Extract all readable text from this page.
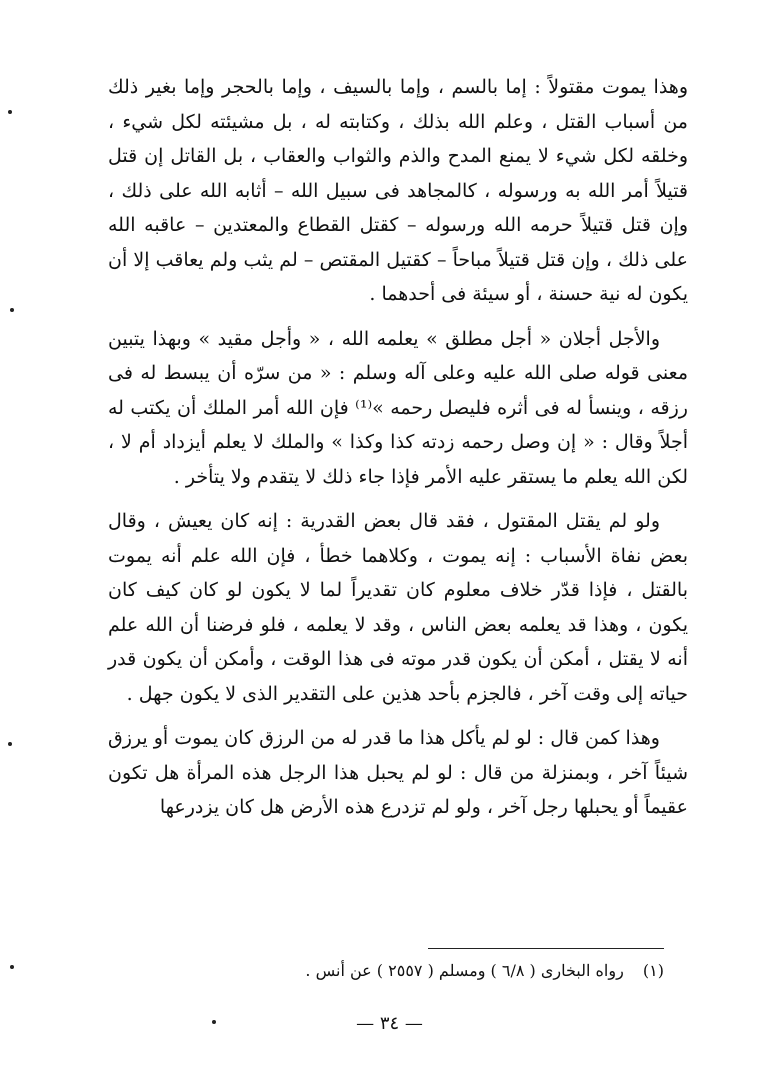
وهذا يموت مقتولاً : إما بالسم ، وإما بالسيف ، وإما بالحجر وإما بغير ذلك من أسباب القتل ، وعلم الله بذلك ، وكتابته له ، بل مشيئته لكل شيء ، وخلقه لكل شيء لا يمنع المدح والذم والثواب والعقاب ، بل القاتل إن قتل قتيلاً أمر الله به ورسوله ، كالمجاهد فى سبيل الله – أثابه الله على ذلك ، وإن قتل قتيلاً حرمه الله ورسوله – كقتل القطاع والمعتدين – عاقبه الله على ذلك ، وإن قتل قتيلاً مباحاً – كقتيل المقتص – لم يثب ولم يعاقب إلا أن يكون له نية حسنة ، أو سيئة فى أحدهما .

والأجل أجلان « أجل مطلق » يعلمه الله ، « وأجل مقيد » وبهذا يتبين معنى قوله صلى الله عليه وعلى آله وسلم : « من سرّه أن يبسط له فى رزقه ، وينسأ له فى أثره فليصل رحمه »⁽¹⁾ فإن الله أمر الملك أن يكتب له أجلاً وقال : « إن وصل رحمه زدته كذا وكذا » والملك لا يعلم أيزداد أم لا ، لكن الله يعلم ما يستقر عليه الأمر فإذا جاء ذلك لا يتقدم ولا يتأخر .

ولو لم يقتل المقتول ، فقد قال بعض القدرية : إنه كان يعيش ، وقال بعض نفاة الأسباب : إنه يموت ، وكلاهما خطأ ، فإن الله علم أنه يموت بالقتل ، فإذا قدّر خلاف معلوم كان تقديراً لما لا يكون لو كان كيف كان يكون ، وهذا قد يعلمه بعض الناس ، وقد لا يعلمه ، فلو فرضنا أن الله علم أنه لا يقتل ، أمكن أن يكون قدر موته فى هذا الوقت ، وأمكن أن يكون قدر حياته إلى وقت آخر ، فالجزم بأحد هذين على التقدير الذى لا يكون جهل .

وهذا كمن قال : لو لم يأكل هذا ما قدر له من الرزق كان يموت أو يرزق شيئاً آخر ، وبمنزلة من قال : لو لم يحبل هذا الرجل هذه المرأة هل تكون عقيماً أو يحبلها رجل آخر ، ولو لم تزدرع هذه الأرض هل كان يزدرعها

(١) رواه البخارى ( ٦/٨ ) ومسلم ( ٢٥٥٧ ) عن أنس .
— ٣٤ —
